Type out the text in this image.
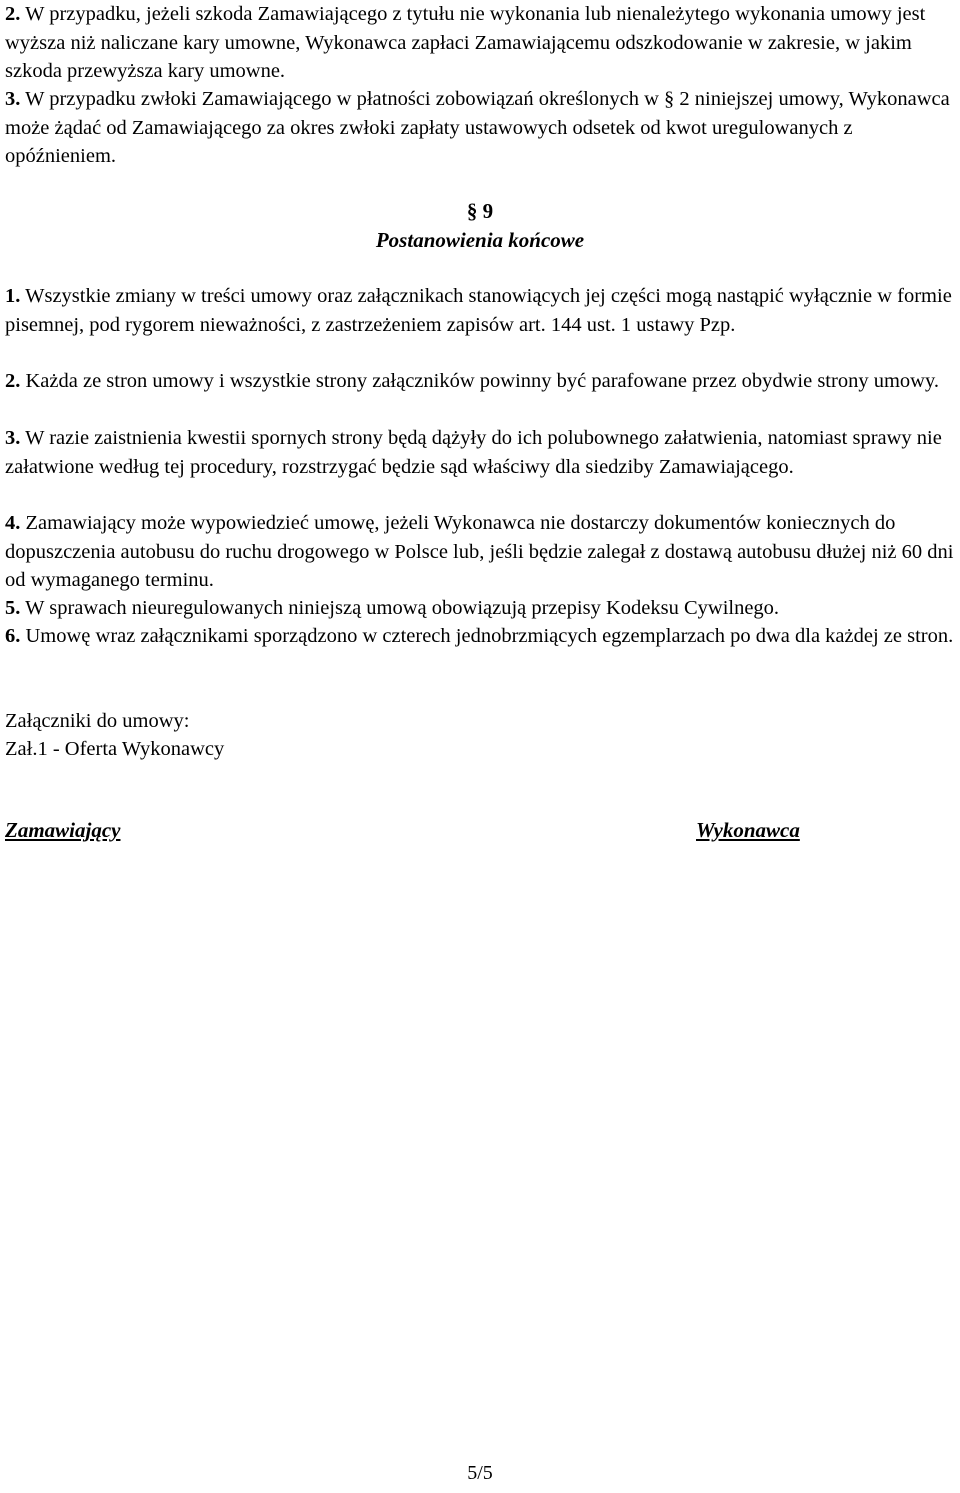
2. W przypadku, jeżeli szkoda Zamawiającego z tytułu nie wykonania lub nienależytego wykonania umowy jest wyższa niż naliczane kary umowne, Wykonawca zapłaci Zamawiającemu odszkodowanie w zakresie, w jakim szkoda przewyższa kary umowne.

3. W przypadku zwłoki Zamawiającego w płatności zobowiązań określonych w § 2 niniejszej umowy, Wykonawca może żądać od Zamawiającego za okres zwłoki zapłaty ustawowych odsetek od kwot uregulowanych z opóźnieniem.

§ 9

Postanowienia końcowe

1. Wszystkie zmiany w treści umowy oraz załącznikach stanowiących jej części mogą nastąpić wyłącznie w formie pisemnej, pod rygorem nieważności, z zastrzeżeniem zapisów art. 144 ust. 1 ustawy Pzp.

2. Każda ze stron umowy i wszystkie strony załączników powinny być parafowane przez obydwie strony umowy.

3. W razie zaistnienia kwestii spornych strony będą dążyły do ich polubownego załatwienia, natomiast sprawy nie załatwione według tej procedury, rozstrzygać będzie sąd właściwy dla siedziby Zamawiającego.

4. Zamawiający może wypowiedzieć umowę, jeżeli Wykonawca nie dostarczy dokumentów koniecznych do dopuszczenia autobusu do ruchu drogowego w Polsce lub, jeśli będzie zalegał z dostawą autobusu dłużej niż 60 dni od wymaganego terminu.

5. W sprawach nieuregulowanych niniejszą umową obowiązują przepisy Kodeksu Cywilnego.

6. Umowę wraz załącznikami sporządzono w czterech jednobrzmiących egzemplarzach po dwa dla każdej ze stron.

Załączniki do umowy:

Zał.1 - Oferta Wykonawcy

Zamawiający	Wykonawca

5/5
